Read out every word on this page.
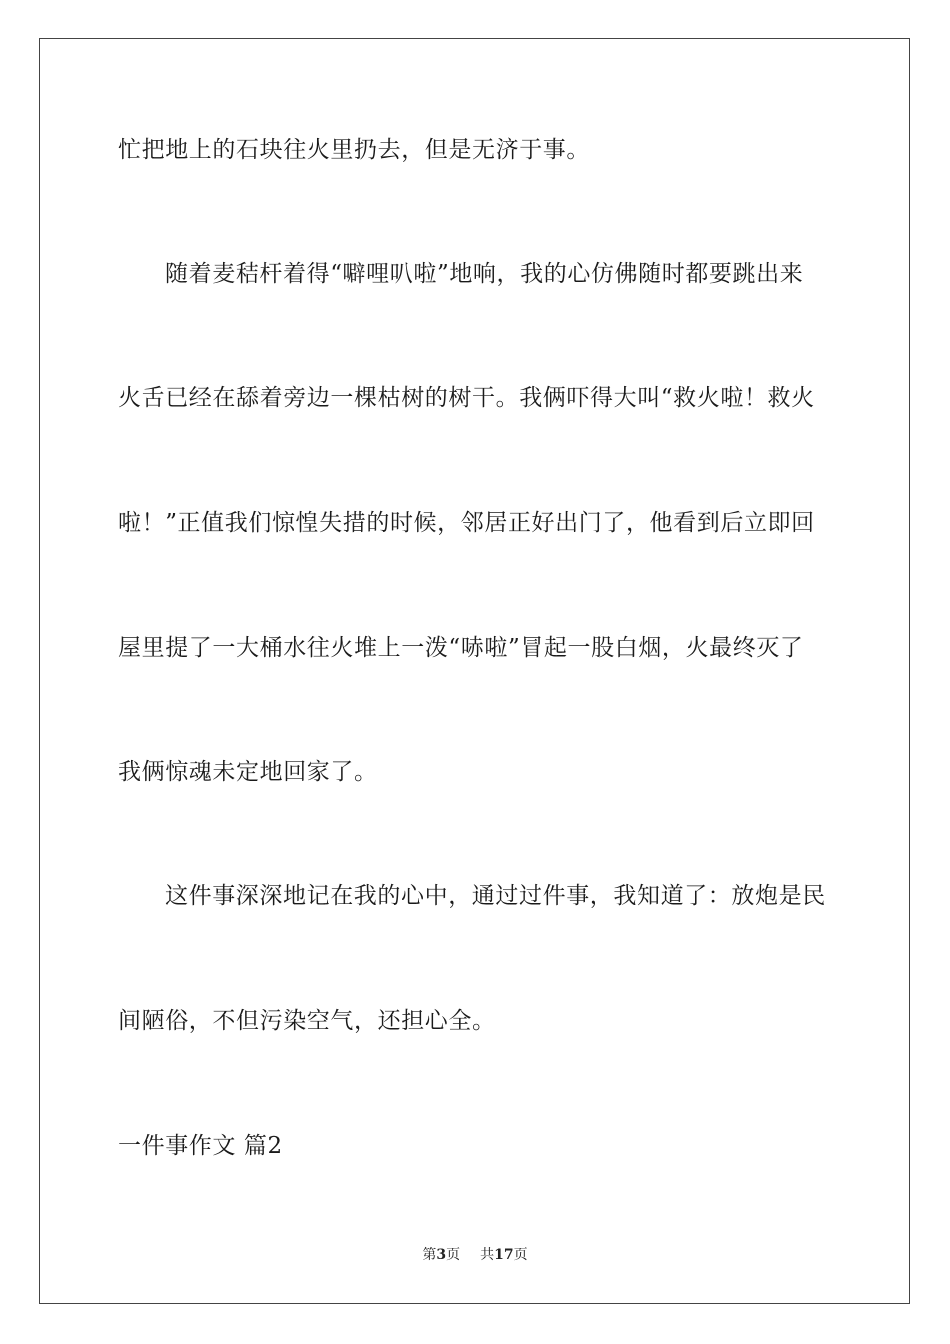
忙把地上的石块往火里扔去，但是无济于事。
随着麦秸杆着得“噼哩叭啦”地响，我的心仿佛随时都要跳出来
火舌已经在舔着旁边一棵枯树的树干。我俩吓得大叫“救火啦！救火
啦！”正值我们惊惶失措的时候，邻居正好出门了，他看到后立即回
屋里提了一大桶水往火堆上一泼“哧啦”冒起一股白烟，火最终灭了
我俩惊魂未定地回家了。
这件事深深地记在我的心中，通过过件事，我知道了：放炮是民
间陋俗，不但污染空气，还担心全。
一件事作文 篇2
第3页 共17页
